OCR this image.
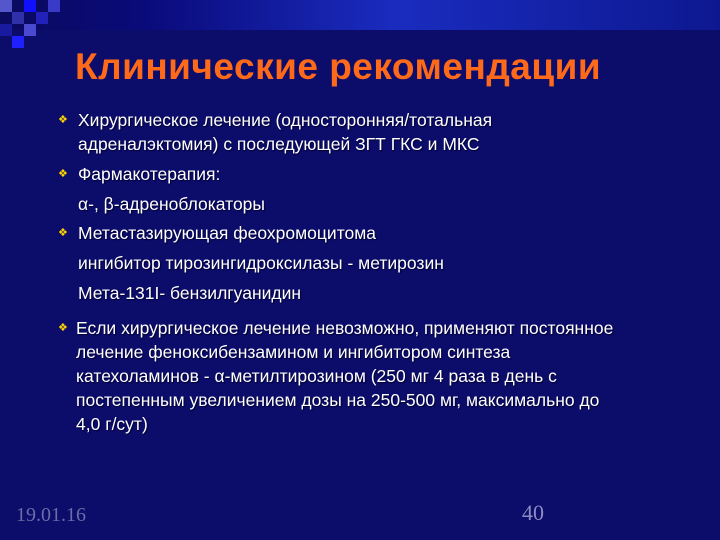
Клинические рекомендации
❖ Хирургическое лечение (односторонняя/тотальная
адреналэктомия) с последующей ЗГТ ГКС и МКС
❖ Фармакотерапия:
α-, β-адреноблокаторы
❖ Метастазирующая феохромоцитома
ингибитор тирозингидроксилазы - метирозин
Мета-131I- бензилгуанидин
❖ Если хирургическое лечение невозможно, применяют постоянное
лечение феноксибензамином и ингибитором синтеза
катехоламинов - α-метилтирозином (250 мг 4 раза в день с
постепенным увеличением дозы на 250-500 мг, максимально до
4,0 г/сут)
19.01.16	40
